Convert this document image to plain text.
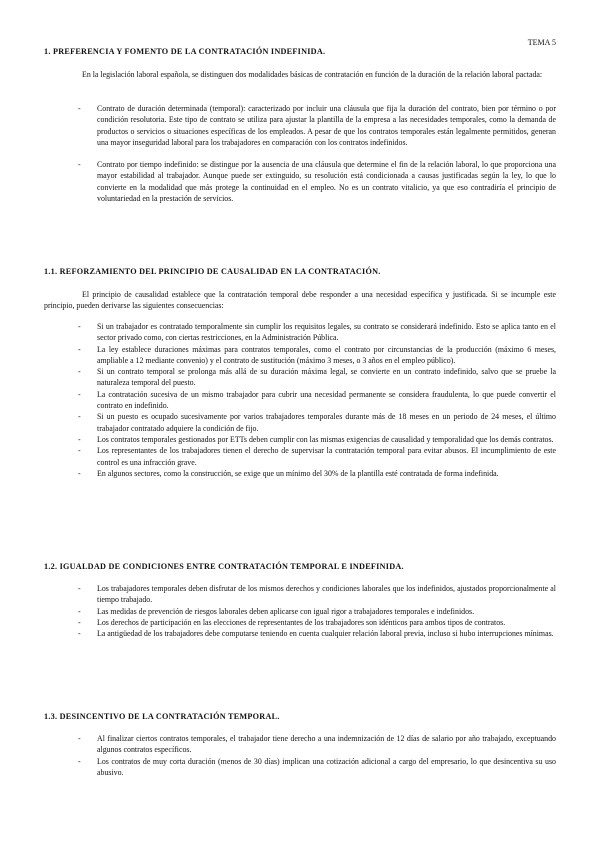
TEMA 5
1. PREFERENCIA Y FOMENTO DE LA CONTRATACIÓN INDEFINIDA.

En la legislación laboral española, se distinguen dos modalidades básicas de contratación en función de la duración de la relación laboral pactada:

- Contrato de duración determinada (temporal): caracterizado por incluir una cláusula que fija la duración del contrato, bien por término o por condición resolutoria. Este tipo de contrato se utiliza para ajustar la plantilla de la empresa a las necesidades temporales, como la demanda de productos o servicios o situaciones específicas de los empleados. A pesar de que los contratos temporales están legalmente permitidos, generan una mayor inseguridad laboral para los trabajadores en comparación con los contratos indefinidos.
- Contrato por tiempo indefinido: se distingue por la ausencia de una cláusula que determine el fin de la relación laboral, lo que proporciona una mayor estabilidad al trabajador. Aunque puede ser extinguido, su resolución está condicionada a causas justificadas según la ley, lo que lo convierte en la modalidad que más protege la continuidad en el empleo. No es un contrato vitalicio, ya que eso contradiría el principio de voluntariedad en la prestación de servicios.
1.1. REFORZAMIENTO DEL PRINCIPIO DE CAUSALIDAD EN LA CONTRATACIÓN.

El principio de causalidad establece que la contratación temporal debe responder a una necesidad específica y justificada. Si se incumple este principio, pueden derivarse las siguientes consecuencias:

- Si un trabajador es contratado temporalmente sin cumplir los requisitos legales, su contrato se considerará indefinido. Esto se aplica tanto en el sector privado como, con ciertas restricciones, en la Administración Pública.
- La ley establece duraciones máximas para contratos temporales, como el contrato por circunstancias de la producción (máximo 6 meses, ampliable a 12 mediante convenio) y el contrato de sustitución (máximo 3 meses, o 3 años en el empleo público).
- Si un contrato temporal se prolonga más allá de su duración máxima legal, se convierte en un contrato indefinido, salvo que se pruebe la naturaleza temporal del puesto.
- La contratación sucesiva de un mismo trabajador para cubrir una necesidad permanente se considera fraudulenta, lo que puede convertir el contrato en indefinido.
- Si un puesto es ocupado sucesivamente por varios trabajadores temporales durante más de 18 meses en un periodo de 24 meses, el último trabajador contratado adquiere la condición de fijo.
- Los contratos temporales gestionados por ETTs deben cumplir con las mismas exigencias de causalidad y temporalidad que los demás contratos.
- Los representantes de los trabajadores tienen el derecho de supervisar la contratación temporal para evitar abusos. El incumplimiento de este control es una infracción grave.
- En algunos sectores, como la construcción, se exige que un mínimo del 30% de la plantilla esté contratada de forma indefinida.
1.2. IGUALDAD DE CONDICIONES ENTRE CONTRATACIÓN TEMPORAL E INDEFINIDA.
- Los trabajadores temporales deben disfrutar de los mismos derechos y condiciones laborales que los indefinidos, ajustados proporcionalmente al tiempo trabajado.
- Las medidas de prevención de riesgos laborales deben aplicarse con igual rigor a trabajadores temporales e indefinidos.
- Los derechos de participación en las elecciones de representantes de los trabajadores son idénticos para ambos tipos de contratos.
- La antigüedad de los trabajadores debe computarse teniendo en cuenta cualquier relación laboral previa, incluso si hubo interrupciones mínimas.
1.3. DESINCENTIVO DE LA CONTRATACIÓN TEMPORAL.
- Al finalizar ciertos contratos temporales, el trabajador tiene derecho a una indemnización de 12 días de salario por año trabajado, exceptuando algunos contratos específicos.
- Los contratos de muy corta duración (menos de 30 días) implican una cotización adicional a cargo del empresario, lo que desincentiva su uso abusivo.
